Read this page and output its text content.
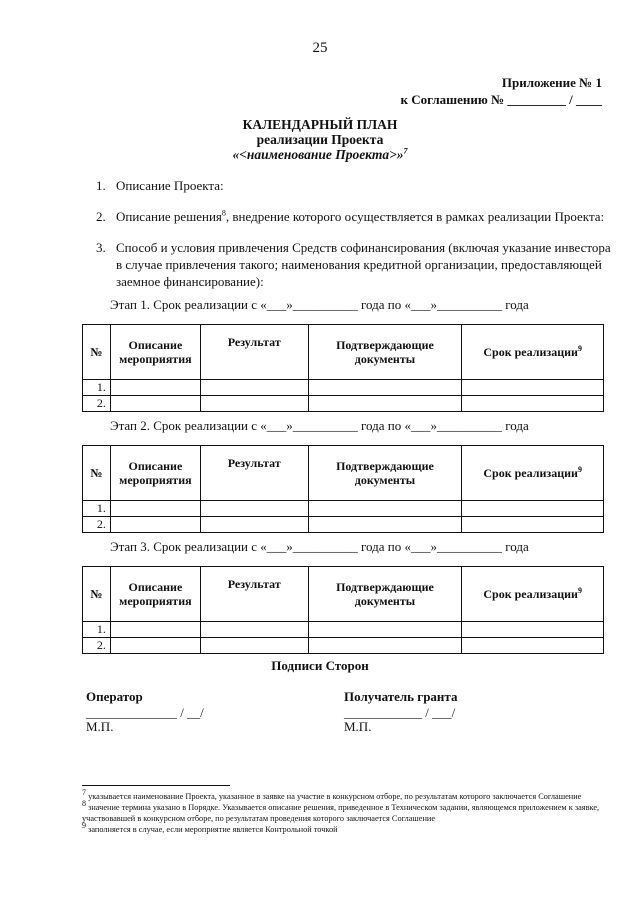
25
Приложение № 1
к Соглашению № _________ / ____
КАЛЕНДАРНЫЙ ПЛАН
реализации Проекта
«<наименование Проекта>»$^7$
1. Описание Проекта:
2. Описание решения$^8$, внедрение которого осуществляется в рамках реализации Проекта:
3. Способ и условия привлечения Средств софинансирования (включая указание инвестора в случае привлечения такого; наименования кредитной организации, предоставляющей заемное финансирование):
Этап 1. Срок реализации с «___»__________ года по «___»__________ года
№	Описание мероприятия	Результат	Подтверждающие документы	Срок реализации$^9$
1.				
2.				
Этап 2. Срок реализации с «___»__________ года по «___»__________ года
№	Описание мероприятия	Результат	Подтверждающие документы	Срок реализации$^9$
1.				
2.				
Этап 3. Срок реализации с «___»__________ года по «___»__________ года
№	Описание мероприятия	Результат	Подтверждающие документы	Срок реализации$^9$
1.				
2.				
Подписи Сторон
Оператор
______________ / __/
М.П.
Получатель гранта
____________ / ___/
М.П.
$^7$ указывается наименование Проекта, указанное в заявке на участие в конкурсном отборе, по результатам которого заключается Соглашение
$^8$ значение термина указано в Порядке. Указывается описание решения, приведенное в Техническом задании, являющемся приложением к заявке, участвовавшей в конкурсном отборе, по результатам проведения которого заключается Соглашение
$^9$ заполняется в случае, если мероприятие является Контрольной точкой
